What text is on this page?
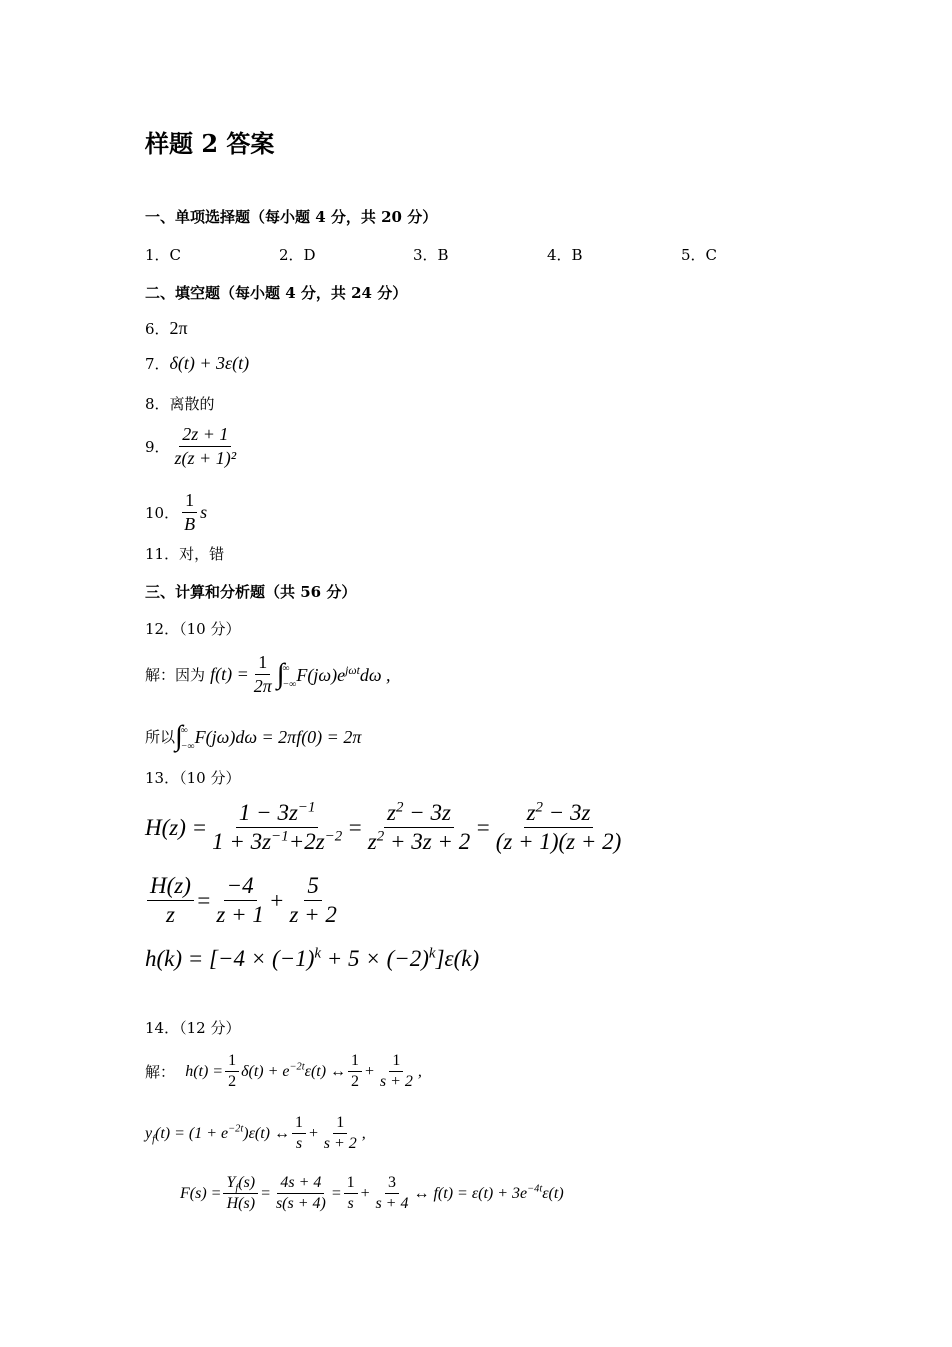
样题 2 答案
一、单项选择题（每小题 4 分，共 20 分）
1．C	2．D	3．B	4．B	5．C
二、填空题（每小题 4 分，共 24 分）
6．2π
7．δ(t) + 3ε(t)
8．离散的
9． $\frac{2z + 1}{\text{z(z + 1)²}}$
10． $\frac{1}{B}$ s
11．对，错
三、计算和分析题（共 56 分）
12．（10 分）
解：因为
$f(t) = \frac{1}{2\pi}$ ∫
∞
−∞ $F(j\omega)e^{j\omega t}d\omega$ ,
所以 ∫
∞
−∞ F(jω)dω = 2πf(0) = 2π
13．（10 分）
$H(z) = \frac{1 - 3z^{-1}}{1 + 3z^{-1}+2z^{-2}} = \frac{z^2 - 3z}{z^2 + 3z + 2} = \frac{z^2 - 3z}{(z + 1)(z + 2)}$
$\frac{H(z)}{z} = \frac{-4}{z + 1} + \frac{5}{z + 2}$
$h(k) = [-4 \times (-1)^k + 5 \times (-2)^k]\varepsilon(k)$
14．（12 分）
解：
$h(t) = \frac{1}{2} \delta(t) + e^{-2t}\varepsilon(t)$ ↔ $\frac{1}{2} + \frac{1}{s + 2}$ ,
$y_f(t) = (1 + e^{-2t})\varepsilon(t)$ ↔ $\frac{1}{s} + \frac{1}{s + 2}$ ,
$F(s) = \frac{Y_f(s)}{H(s)} = \frac{4s + 4}{s(s + 4)} = \frac{1}{s} + \frac{3}{s + 4}$ ↔ $f(t) = \varepsilon(t) + 3e^{-4t}\varepsilon(t)$
